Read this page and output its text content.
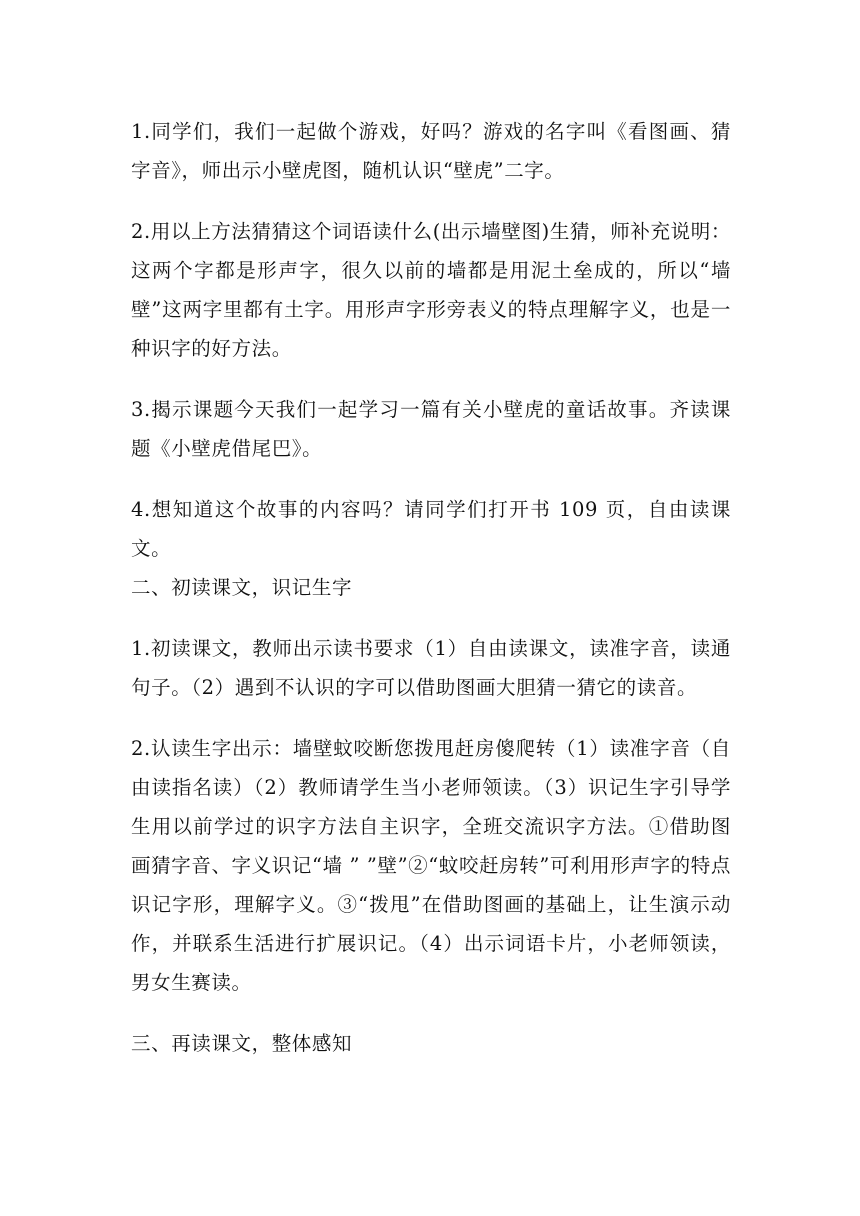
1.同学们，我们一起做个游戏，好吗？游戏的名字叫《看图画、猜字音》，师出示小壁虎图，随机认识“壁虎”二字。

2.用以上方法猜猜这个词语读什么(出示墙壁图)生猜，师补充说明：这两个字都是形声字，很久以前的墙都是用泥土垒成的，所以“墙壁”这两字里都有土字。用形声字形旁表义的特点理解字义，也是一种识字的好方法。

3.揭示课题今天我们一起学习一篇有关小壁虎的童话故事。齐读课题《小壁虎借尾巴》。

4.想知道这个故事的内容吗？请同学们打开书 109 页，自由读课文。

二、初读课文，识记生字

1.初读课文，教师出示读书要求（1）自由读课文，读准字音，读通句子。（2）遇到不认识的字可以借助图画大胆猜一猜它的读音。

2.认读生字出示：墙壁蚊咬断您拨甩赶房傻爬转（1）读准字音（自由读指名读）（2）教师请学生当小老师领读。（3）识记生字引导学生用以前学过的识字方法自主识字，全班交流识字方法。①借助图画猜字音、字义识记“墙 ” ”壁”②“蚊咬赶房转”可利用形声字的特点识记字形，理解字义。③“拨甩”在借助图画的基础上，让生演示动作，并联系生活进行扩展识记。（4）出示词语卡片，小老师领读，男女生赛读。

三、再读课文，整体感知
